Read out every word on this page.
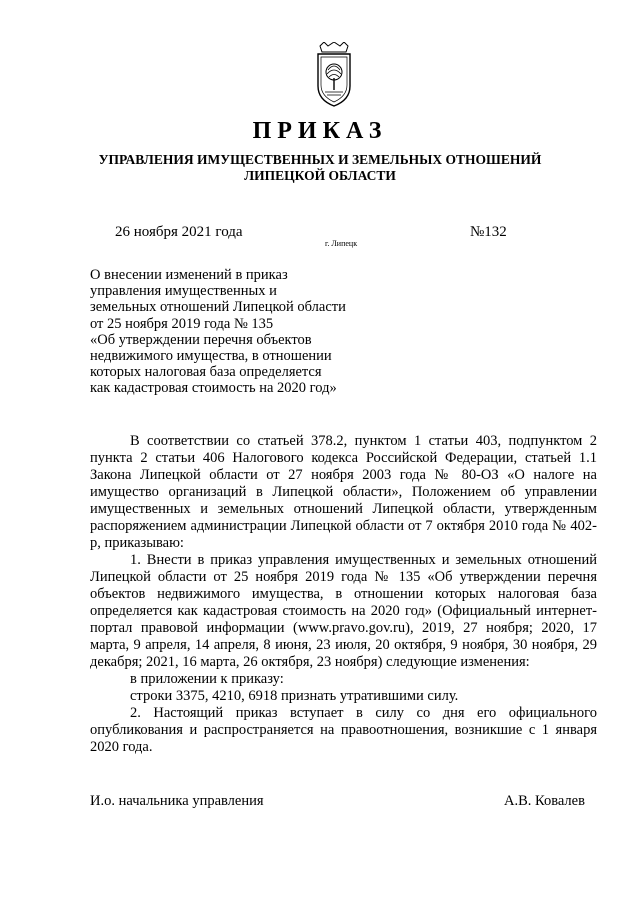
ПРИКАЗ
УПРАВЛЕНИЯ ИМУЩЕСТВЕННЫХ И ЗЕМЕЛЬНЫХ ОТНОШЕНИЙ
ЛИПЕЦКОЙ ОБЛАСТИ
26 ноября 2021 года	№132
г. Липецк
О внесении изменений в приказ
управления имущественных и
земельных отношений Липецкой области
от 25 ноября 2019 года № 135
«Об утверждении перечня объектов
недвижимого имущества, в отношении
которых налоговая база определяется
как кадастровая стоимость на 2020 год»

В соответствии со статьей 378.2, пунктом 1 статьи 403, подпунктом 2 пункта 2 статьи 406 Налогового кодекса Российской Федерации, статьей 1.1 Закона Липецкой области от 27 ноября 2003 года № 80-ОЗ «О налоге на имущество организаций в Липецкой области», Положением об управлении имущественных и земельных отношений Липецкой области, утвержденным распоряжением администрации Липецкой области от 7 октября 2010 года № 402-р, приказываю:

1. Внести в приказ управления имущественных и земельных отношений Липецкой области от 25 ноября 2019 года № 135 «Об утверждении перечня объектов недвижимого имущества, в отношении которых налоговая база определяется как кадастровая стоимость на 2020 год» (Официальный интернет-портал правовой информации (www.pravo.gov.ru), 2019, 27 ноября; 2020, 17 марта, 9 апреля, 14 апреля, 8 июня, 23 июля, 20 октября, 9 ноября, 30 ноября, 29 декабря; 2021, 16 марта, 26 октября, 23 ноября) следующие изменения:

в приложении к приказу:

строки 3375, 4210, 6918 признать утратившими силу.

2. Настоящий приказ вступает в силу со дня его официального опубликования и распространяется на правоотношения, возникшие с 1 января 2020 года.

И.о. начальника управления	А.В. Ковалев
